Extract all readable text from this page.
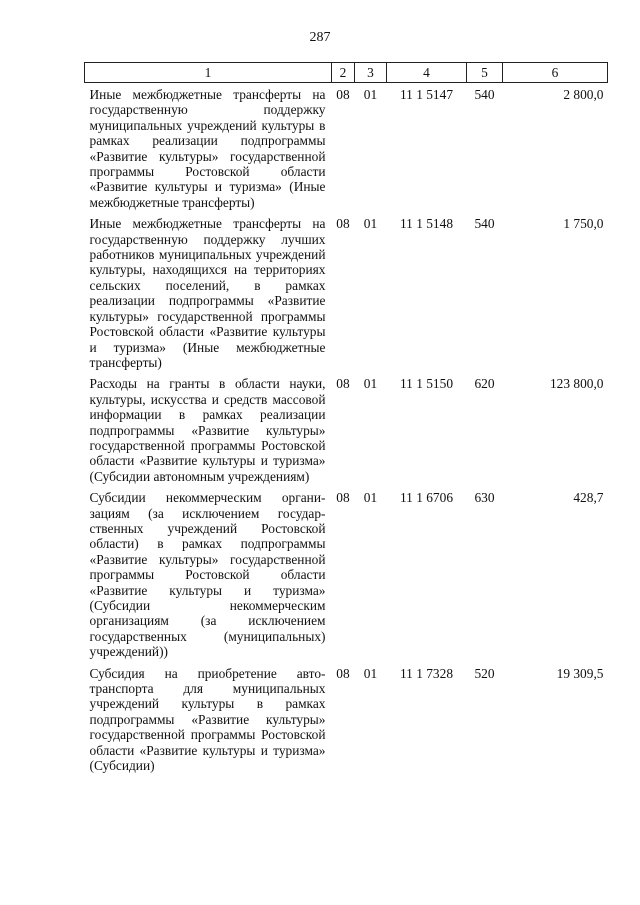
287
1	2	3	4	5	6
Иные межбюджетные трансферты на государственную поддержку муниципальных учреждений культуры в рамках реализации подпрограммы «Развитие культуры» государственной программы Ростовской области «Развитие культуры и туризма» (Иные межбюджетные трансферты)	08	01	11 1 5147	540	2 800,0
Иные межбюджетные трансферты на государственную поддержку лучших работников муниципальных учреждений культуры, находящихся на территориях сельских поселений, в рамках реализации подпрограммы «Развитие культуры» государственной программы Ростовской области «Развитие культуры и туризма» (Иные межбюджетные трансферты)	08	01	11 1 5148	540	1 750,0
Расходы на гранты в области науки, культуры, искусства и средств массовой информации в рамках реализации подпрограммы «Развитие культуры» государственной программы Ростовской области «Развитие культуры и туризма» (Субсидии автономным учреждениям)	08	01	11 1 5150	620	123 800,0
Субсидии некоммерческим организациям (за исключением государственных учреждений Ростовской области) в рамках подпрограммы «Развитие культуры» государственной программы Ростовской области «Развитие культуры и туризма» (Субсидии некоммерческим организациям (за исключением государственных (муниципальных) учреждений))	08	01	11 1 6706	630	428,7
Субсидия на приобретение автотранспорта для муниципальных учреждений культуры в рамках подпрограммы «Развитие культуры» государственной программы Ростовской области «Развитие культуры и туризма» (Субсидии)	08	01	11 1 7328	520	19 309,5
